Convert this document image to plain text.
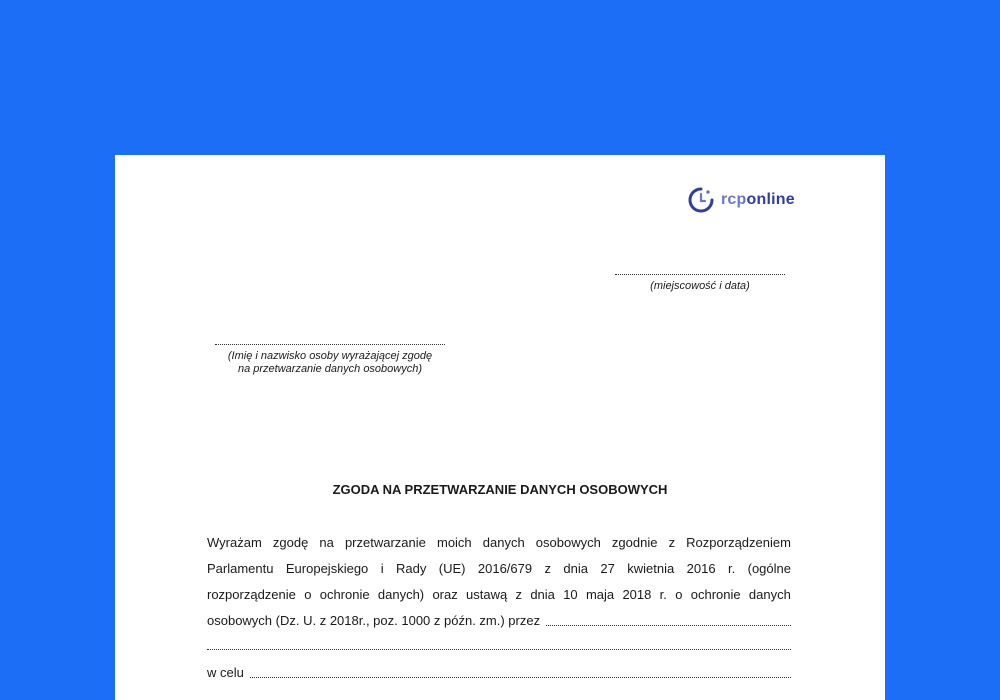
rcponline
(miejscowość i data)
(Imię i nazwisko osoby wyrażającej zgodę
na przetwarzanie danych osobowych)
ZGODA NA PRZETWARZANIE DANYCH OSOBOWYCH
Wyrażam zgodę na przetwarzanie moich danych osobowych zgodnie z Rozporządzeniem
Parlamentu Europejskiego i Rady (UE) 2016/679 z dnia 27 kwietnia 2016 r. (ogólne
rozporządzenie o ochronie danych) oraz ustawą z dnia 10 maja 2018 r. o ochronie danych
osobowych (Dz. U. z 2018r., poz. 1000 z późn. zm.) przez
w celu
